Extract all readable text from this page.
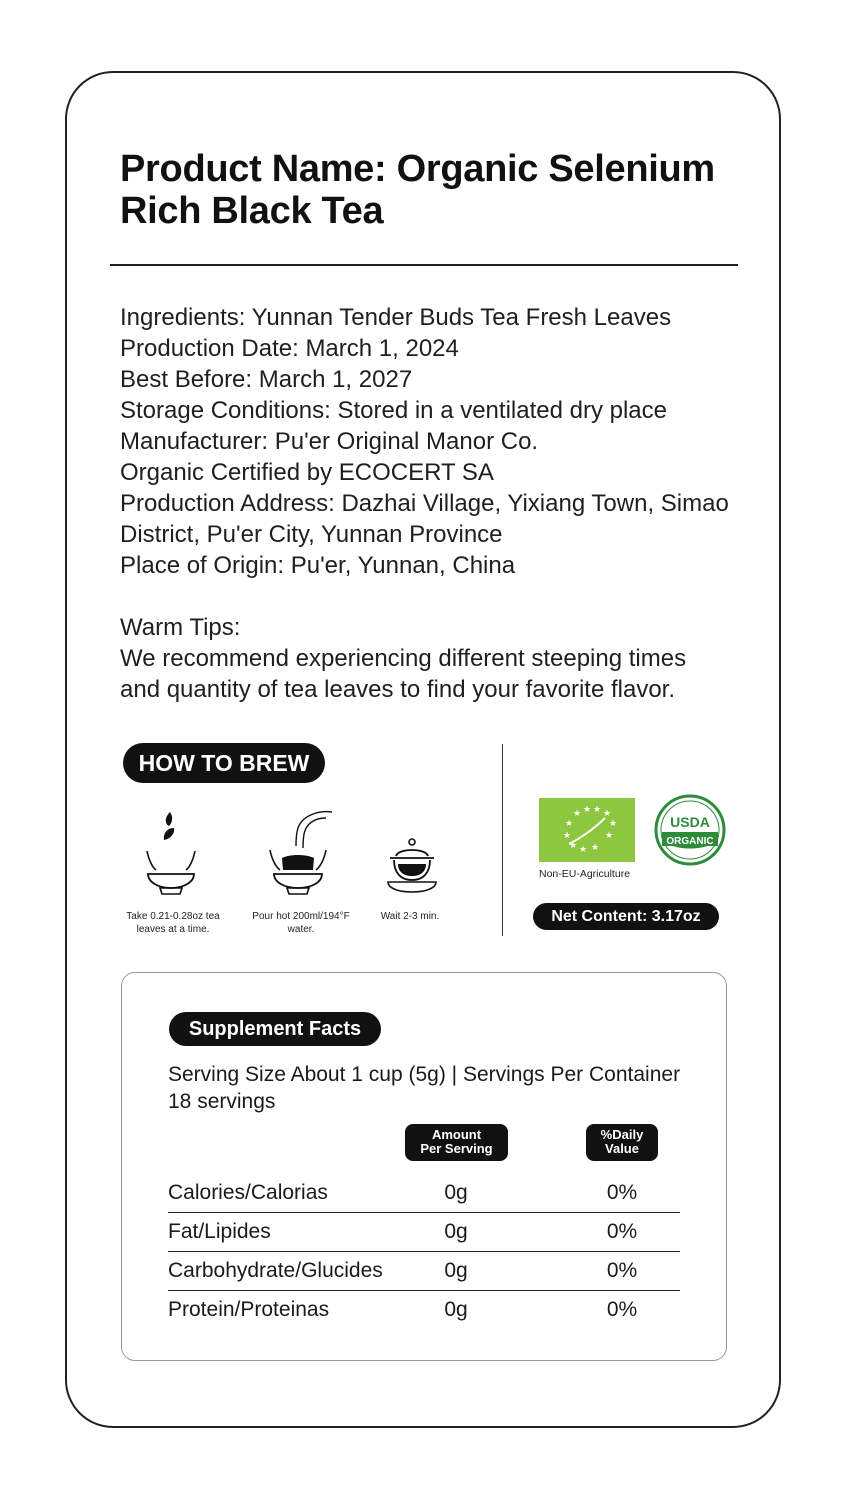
Product Name: Organic Selenium Rich Black Tea
Ingredients: Yunnan Tender Buds Tea Fresh Leaves
Production Date: March 1, 2024
Best Before: March 1, 2027
Storage Conditions: Stored in a ventilated dry place
Manufacturer: Pu'er Original Manor Co.
Organic Certified by ECOCERT SA
Production Address: Dazhai Village, Yixiang Town, Simao
District, Pu'er City, Yunnan Province
Place of Origin: Pu'er, Yunnan, China
Warm Tips:
We recommend experiencing different steeping times
and quantity of tea leaves to find your favorite flavor.
HOW TO BREW
Take 0.21-0.28oz tea
leaves at a time.
Pour hot 200ml/194°F
water.
Wait 2-3 min.
★ ★ ★ ★
★	★
★	★
★ ★ ★
Non-EU-Agriculture
USDA
ORGANIC
Net Content: 3.17oz
Supplement Facts
Serving Size About 1 cup (5g) | Servings Per Container
18 servings
Amount
Per Serving
%Daily
Value
Calories/Calorias	0g	0%
Fat/Lipides	0g	0%
Carbohydrate/Glucides	0g	0%
Protein/Proteinas	0g	0%
